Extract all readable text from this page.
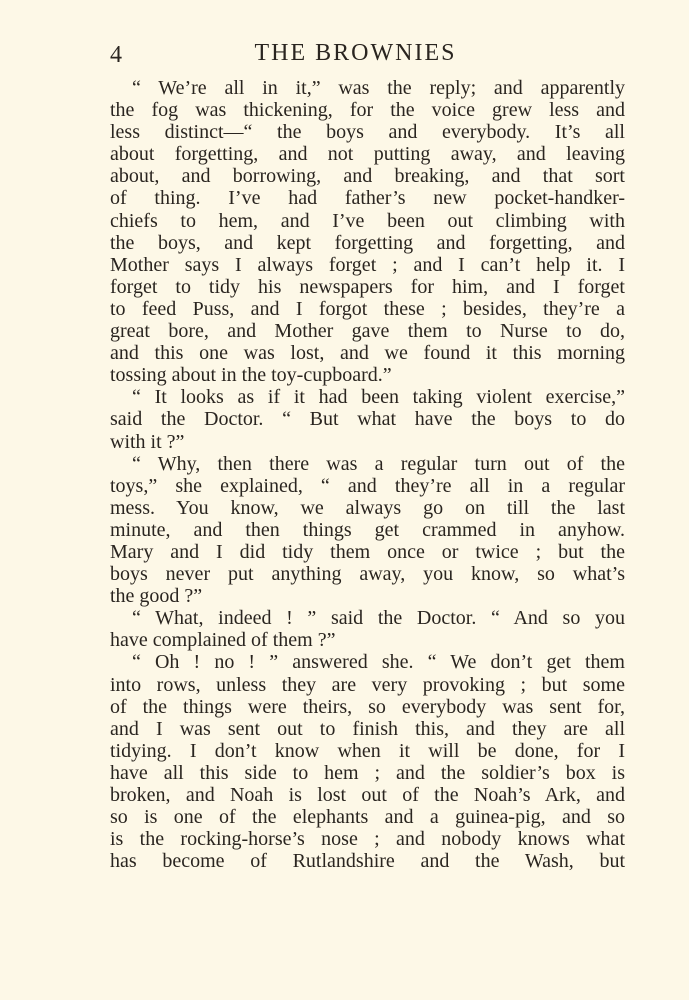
4	THE BROWNIES
“ We’re all in it,” was the reply; and apparently
the fog was thickening, for the voice grew less and
less distinct—“ the boys and everybody. It’s all
about forgetting, and not putting away, and leaving
about, and borrowing, and breaking, and that sort
of thing. I’ve had father’s new pocket-handker-
chiefs to hem, and I’ve been out climbing with
the boys, and kept forgetting and forgetting, and
Mother says I always forget ; and I can’t help it. I
forget to tidy his newspapers for him, and I forget
to feed Puss, and I forgot these ; besides, they’re a
great bore, and Mother gave them to Nurse to do,
and this one was lost, and we found it this morning
tossing about in the toy-cupboard.”
“ It looks as if it had been taking violent exercise,”
said the Doctor. “ But what have the boys to do
with it ?”
“ Why, then there was a regular turn out of the
toys,” she explained, “ and they’re all in a regular
mess. You know, we always go on till the last
minute, and then things get crammed in anyhow.
Mary and I did tidy them once or twice ; but the
boys never put anything away, you know, so what’s
the good ?”
“ What, indeed ! ” said the Doctor. “ And so you
have complained of them ?”
“ Oh ! no ! ” answered she. “ We don’t get them
into rows, unless they are very provoking ; but some
of the things were theirs, so everybody was sent for,
and I was sent out to finish this, and they are all
tidying. I don’t know when it will be done, for I
have all this side to hem ; and the soldier’s box is
broken, and Noah is lost out of the Noah’s Ark, and
so is one of the elephants and a guinea-pig, and so
is the rocking-horse’s nose ; and nobody knows what
has become of Rutlandshire and the Wash, but
